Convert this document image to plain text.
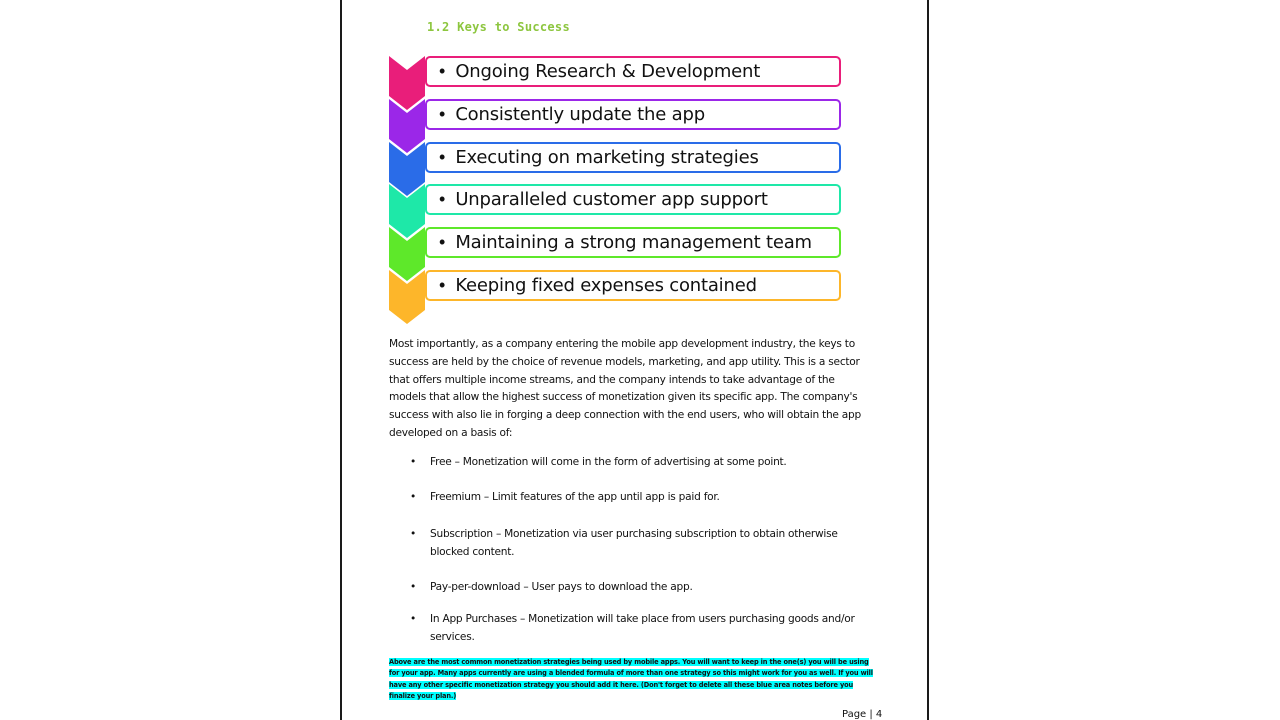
1.2 Keys to Success
• Ongoing Research & Development
• Consistently update the app
• Executing on marketing strategies
• Unparalleled customer app support
• Maintaining a strong management team
• Keeping fixed expenses contained
Most importantly, as a company entering the mobile app development industry, the keys to success are held by the choice of revenue models, marketing, and app utility. This is a sector that offers multiple income streams, and the company intends to take advantage of the models that allow the highest success of monetization given its specific app. The company's success with also lie in forging a deep connection with the end users, who will obtain the app developed on a basis of:
• Free – Monetization will come in the form of advertising at some point.
• Freemium – Limit features of the app until app is paid for.
• Subscription – Monetization via user purchasing subscription to obtain otherwise blocked content.
• Pay-per-download – User pays to download the app.
• In App Purchases – Monetization will take place from users purchasing goods and/or services.
Above are the most common monetization strategies being used by mobile apps. You will want to keep in the one(s) you will be using for your app. Many apps currently are using a blended formula of more than one strategy so this might work for you as well. If you will have any other specific monetization strategy you should add it here. (Don't forget to delete all these blue area notes before you finalize your plan.)
Page | 4
